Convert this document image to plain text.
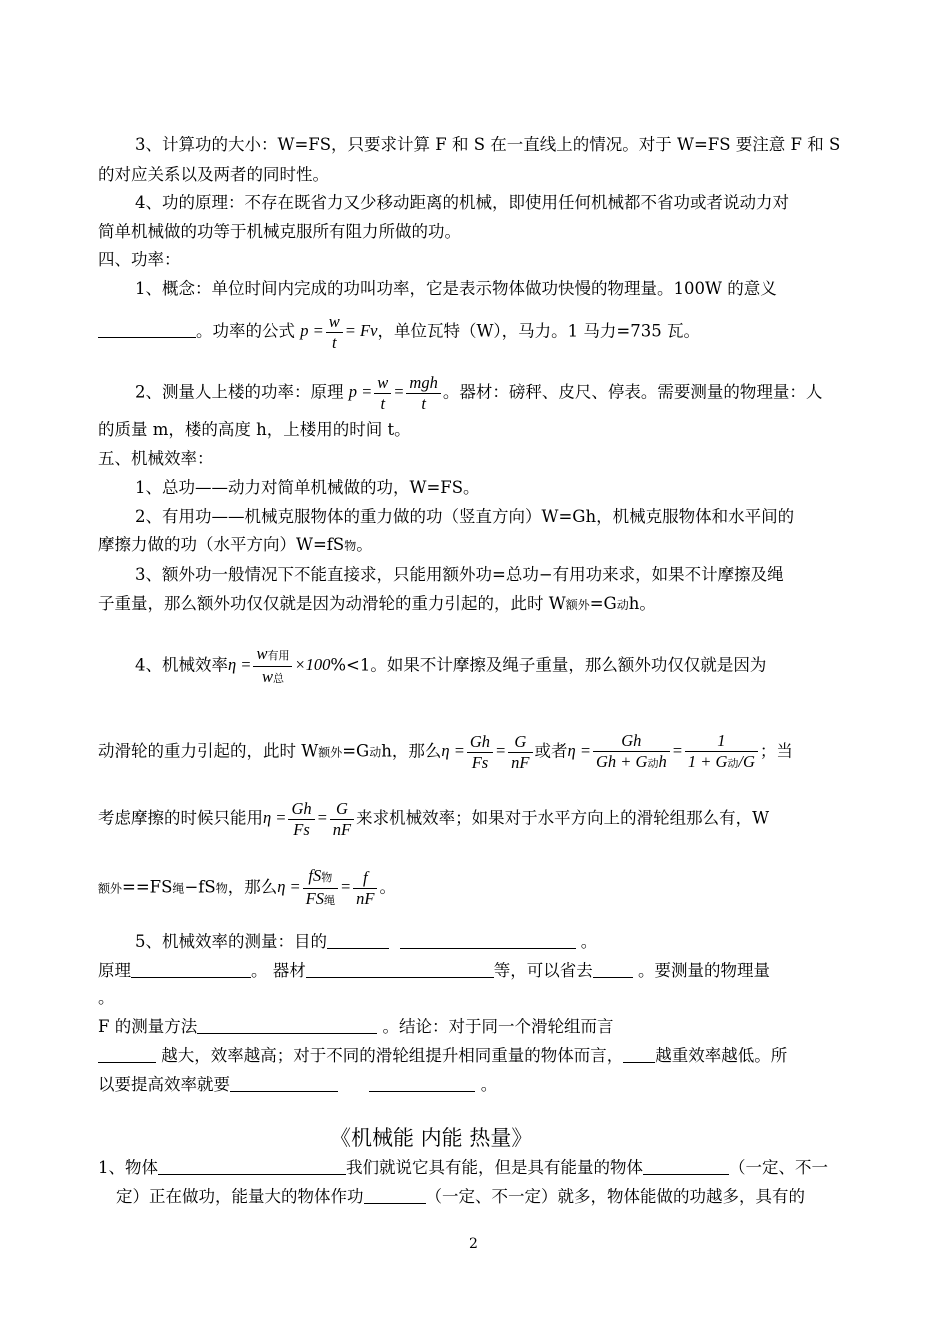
3、计算功的大小：W=FS，只要求计算 F 和 S 在一直线上的情况。对于 W=FS 要注意 F 和 S
的对应关系以及两者的同时性。
4、功的原理：不存在既省力又少移动距离的机械，即使用任何机械都不省功或者说动力对
简单机械做的功等于机械克服所有阻力所做的功。
四、功率：
1、概念：单位时间内完成的功叫功率，它是表示物体做功快慢的物理量。100W 的意义
。功率的公式 $p = \frac{w}{t} = Fv$，单位瓦特（W），马力。1 马力=735 瓦。
2、测量人上楼的功率：原理 $p = \frac{w}{t} = \frac{\text{mgh}}{t}$ 。器材：磅秤、皮尺、停表。需要测量的物理量：人
的质量 m，楼的高度 h，上楼用的时间 t。
五、机械效率：
1、总功——动力对简单机械做的功，W=FS。
2、有用功——机械克服物体的重力做的功（竖直方向）W=Gh，机械克服物体和水平间的
摩擦力做的功（水平方向）W=fS物。
3、额外功一般情况下不能直接求，只能用额外功=总功−有用功来求，如果不计摩擦及绳
子重量，那么额外功仅仅就是因为动滑轮的重力引起的，此时 W额外=G动h。
4、机械效率$\eta = \frac{\text{w有用}}{\text{w总}} \times 100\%<1$。如果不计摩擦及绳子重量，那么额外功仅仅就是因为
动滑轮的重力引起的，此时 W额外=G动h，那么$\eta = \frac{Gh}{Fs} = \frac{G}{nF}$ 或者$\eta = \frac{Gh}{\text{Gh + G动h}} = \frac{1}{\text{1 + G动/G}}$ ；当
考虑摩擦的时候只能用$\eta = \frac{Gh}{Fs} = \frac{G}{nF}$ 来求机械效率；如果对于水平方向上的滑轮组那么有，W
额外==FS绳−fS物，那么$\eta = \frac{\text{fS物}}{\text{FS绳}} = \frac{f}{nF}$ 。
5、机械效率的测量：目的	。
原理	。 器材	等，可以省去	。要测量的物理量
。
F 的测量方法	。结论：对于同一个滑轮组而言
越大，效率越高；对于不同的滑轮组提升相同重量的物体而言， 越重效率越低。所
以要提高效率就要	。
《机械能 内能 热量》
1、物体	我们就说它具有能，但是具有能量的物体	（一定、不一
定）正在做功，能量大的物体作功	（一定、不一定）就多，物体能做的功越多，具有的
2
